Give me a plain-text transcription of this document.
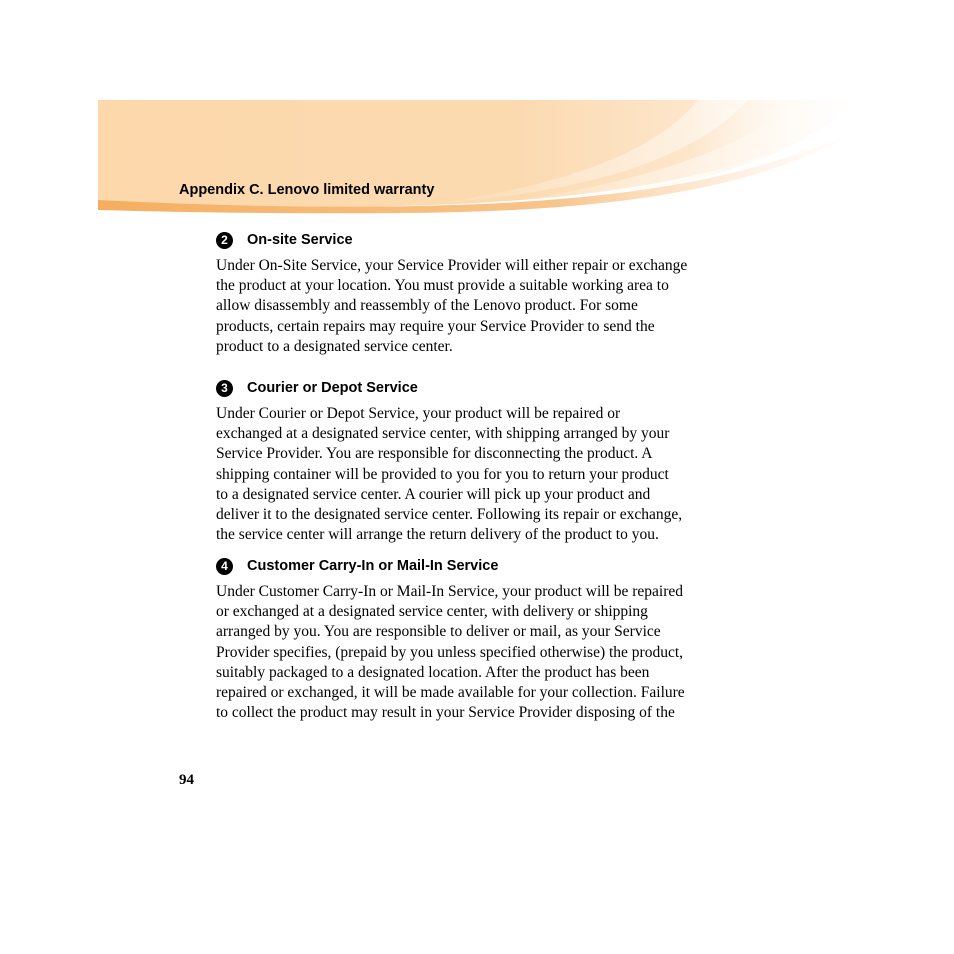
Appendix C. Lenovo limited warranty
2	On-site Service
Under On-Site Service, your Service Provider will either repair or exchange
the product at your location. You must provide a suitable working area to
allow disassembly and reassembly of the Lenovo product. For some
products, certain repairs may require your Service Provider to send the
product to a designated service center.
3	Courier or Depot Service
Under Courier or Depot Service, your product will be repaired or
exchanged at a designated service center, with shipping arranged by your
Service Provider. You are responsible for disconnecting the product. A
shipping container will be provided to you for you to return your product
to a designated service center. A courier will pick up your product and
deliver it to the designated service center. Following its repair or exchange,
the service center will arrange the return delivery of the product to you.
4	Customer Carry-In or Mail-In Service
Under Customer Carry-In or Mail-In Service, your product will be repaired
or exchanged at a designated service center, with delivery or shipping
arranged by you. You are responsible to deliver or mail, as your Service
Provider specifies, (prepaid by you unless specified otherwise) the product,
suitably packaged to a designated location. After the product has been
repaired or exchanged, it will be made available for your collection. Failure
to collect the product may result in your Service Provider disposing of the
94
